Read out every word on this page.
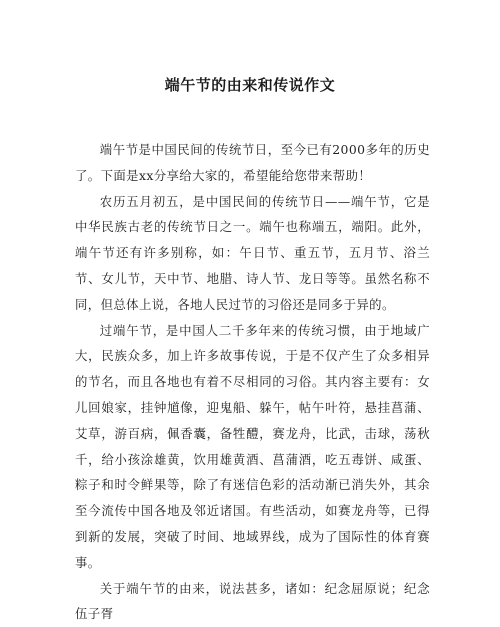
端午节的由来和传说作文

端午节是中国民间的传统节日，至今已有2000多年的历史了。下面是xx分享给大家的，希望能给您带来帮助！

农历五月初五，是中国民间的传统节日——端午节，它是中华民族古老的传统节日之一。端午也称端五，端阳。此外，端午节还有许多别称，如：午日节、重五节，五月节、浴兰节、女儿节，天中节、地腊、诗人节、龙日等等。虽然名称不同，但总体上说，各地人民过节的习俗还是同多于异的。

过端午节，是中国人二千多年来的传统习惯，由于地域广大，民族众多，加上许多故事传说，于是不仅产生了众多相异的节名，而且各地也有着不尽相同的习俗。其内容主要有：女儿回娘家，挂钟馗像，迎鬼船、躲午，帖午叶符，悬挂菖蒲、艾草，游百病，佩香囊，备牲醴，赛龙舟，比武，击球，荡秋千，给小孩涂雄黄，饮用雄黄酒、菖蒲酒，吃五毒饼、咸蛋、粽子和时令鲜果等，除了有迷信色彩的活动渐已消失外，其余至今流传中国各地及邻近诸国。有些活动，如赛龙舟等，已得到新的发展，突破了时间、地域界线，成为了国际性的体育赛事。

关于端午节的由来，说法甚多，诸如：纪念屈原说；纪念伍子胥
